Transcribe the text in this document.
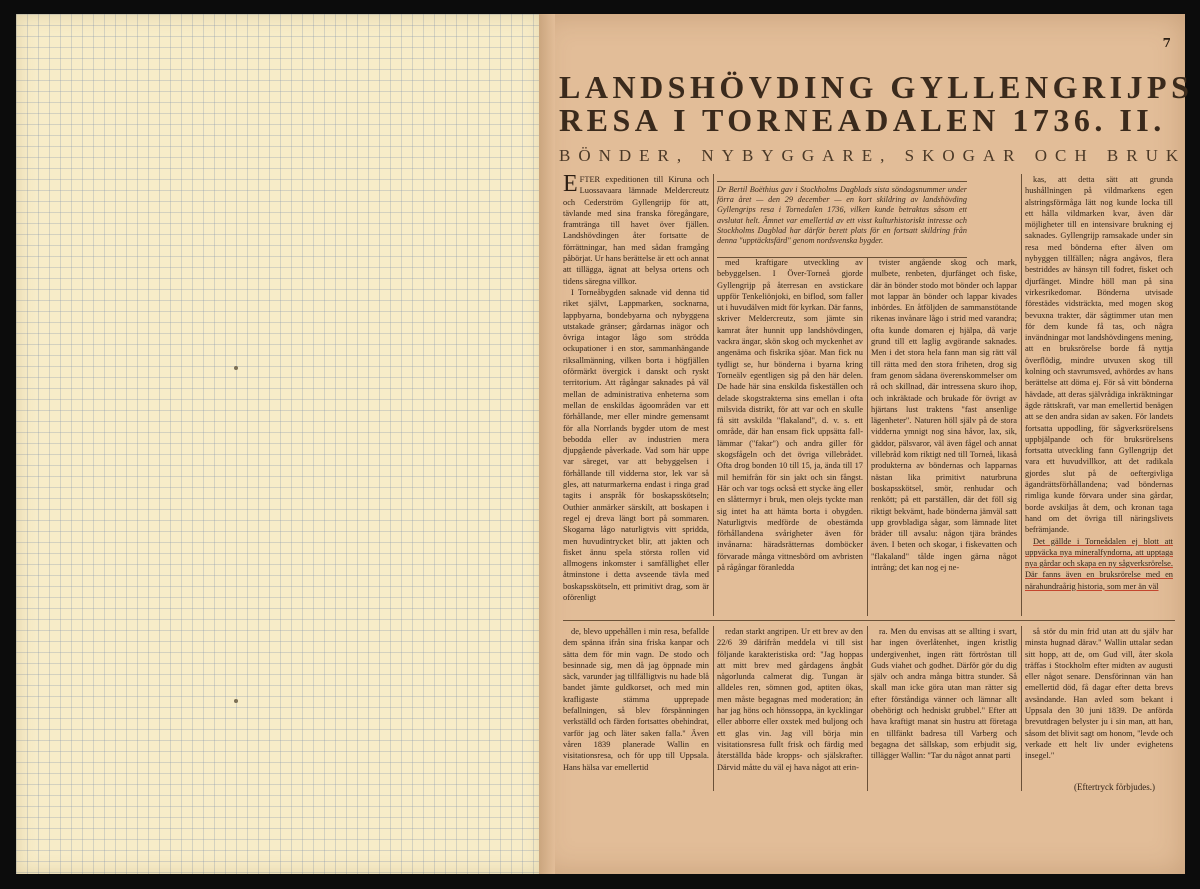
7
LANDSHÖVDING GYLLENGRIJPS
RESA I TORNEADALEN 1736. II.
BÖNDER, NYBYGGARE, SKOGAR OCH BRUK
Dr Bertil Boëthius gav i Stockholms Dagblads sista söndagsnummer under förra året — den 29 december — en kort skildring av landshövding Gyllengrips resa i Tornedalen 1736, vilken kunde betraktas såsom ett avslutat helt. Ämnet var emellertid av ett visst kulturhistoriskt intresse och Stockholms Dagblad har därför berett plats för en fortsatt skildring från denna "upptäcktsfärd" genom nordsvenska bygder.

EFTER expeditionen till Kiruna och Luossavaara lämnade Meldercreutz och Cederström Gyllengrijp för att, tävlande med sina franska föregångare, framtränga till havet över fjällen. Landshövdingen åter fortsatte de förrättningar, han med sådan framgång påbörjat. Ur hans berättelse är ett och annat att tillägga, ägnat att belysa ortens och tidens säregna villkor.

I Torneåbygden saknade vid denna tid riket självt, Lappmarken, socknarna, lappbyarna, bondebyarna och nybyggena utstakade gränser; gårdarnas inägor och övriga intagor lågo som strödda ockupationer i en stor, sammanhängande riksallmänning, vilken borta i högfjällen oförmärkt övergick i danskt och ryskt territorium. Att rågångar saknades på väl mellan de administrativa enheterna som mellan de enskildas ägoområden var ett förhållande, mer eller mindre gemensamt för alla Norrlands bygder utom de mest bebodda eller av industrien mera djupgående påverkade. Vad som här uppe var säreget, var att bebyggelsen i förhållande till vidderna stor, lek var så gles, att naturmarkerna endast i ringa grad tagits i anspråk för boskapsskötseln; Outhier anmärker särskilt, att boskapen i regel ej dreva längt bort på sommaren. Skogarna lågo naturligtvis vitt spridda, men huvudintrycket blir, att jakten och fisket ännu spela största rollen vid allmogens inkomster i samfällighet eller åtminstone i detta avseende tävla med boskapsskötseln, ett primitivt drag, som är oförenligt

med kraftigare utveckling av bebyggelsen. I Över-Torneå gjorde Gyllengrijp på återresan en avstickare uppför Tenkeliönjoki, en biflod, som faller ut i huvudälven midt för kyrkan. Där fanns, skriver Meldercreutz, som jämte sin kamrat åter hunnit upp landshövdingen, vackra ängar, skön skog och myckenhet av angenäma och fiskrika sjöar. Man fick nu tydligt se, hur bönderna i byarna kring Torneälv egentligen sig på den här delen. De hade här sina enskilda fiskeställen och delade skogstrakterna sins emellan i ofta milsvida distrikt, för att var och en skulle få sitt avskilda "flakaland", d. v. s. ett område, där han ensam fick uppsätta fall-lämmar ("fakar") och andra giller för skogsfågeln och det övriga villebrådet. Ofta drog bonden 10 till 15, ja, ända till 17 mil hemifrån för sin jakt och sin fångst. Här och var togs också ett stycke äng eller en slåttermyr i bruk, men olejs tyckte man sig intet ha att hämta borta i obygden. Naturligtvis medförde de obestämda förhållandena svårigheter även för invånarna: häradsrätternas domböcker förvarade många vittnesbörd om avbristen på rågångar föranledda

tvister angående skog och mark, mulbete, renbeten, djurfänget och fiske, där än bönder stodo mot bönder och lappar mot lappar än bönder och lappar kivades inbördes. En åtföljden de sammanstötande rikenas invånare lågo i strid med varandra; ofta kunde domaren ej hjälpa, då varje grund till ett laglig avgörande saknades. Men i det stora hela fann man sig rätt väl till rätta med den stora friheten, drog sig fram genom sådana överenskommelser om rå och skillnad, där intressena skuro ihop, och inkräktade och brukade för övrigt av hjärtans lust traktens "fast ansenlige lägenheter". Naturen höll själv på de stora vidderna ymnigt nog sina håvor, lax, sik, gäddor, pälsvaror, väl även fågel och annat villebråd kom riktigt ned till Torneå, likaså produkterna av böndernas och lapparnas nästan lika primitivt naturbruna boskapsskötsel, smör, renhudar och renkött; på ett parställen, där det föll sig riktigt bekvämt, hade bönderna jämväl satt upp grovbladiga sågar, som lämnade litet bräder till avsalu: någon tjära brändes även. I beten och skogar, i fiskevatten och "flakaland" tålde ingen gärna något intrång; det kan nog ej ne-

kas, att detta sätt att grunda hushållningen på vildmarkens egen alstringsförmåga lätt nog kunde locka till ett hålla vildmarken kvar, även där möjligheter till en intensivare brukning ej saknades. Gyllengrijp ramsakade under sin resa med bönderna efter älven om nybyggen tillfällen; några angåvos, flera bestriddes av hänsyn till fodret, fisket och djurfänget. Mindre höll man på sina virkesrikedomar. Bönderna utvisade förestädes vidsträckta, med mogen skog bevuxna trakter, där sågtimmer utan men för dem kunde få tas, och några invändningar mot landshövdingens mening, att en bruksrörelse borde få nyttja överflödig, mindre utvuxen skog till kolning och stavrumsved, avhördes av hans berättelse att döma ej. För så vitt bönderna hävdade, att deras självrådiga inkräktningar ägde rättskraft, var man emellertid benägen att se den andra sidan av saken. För landets fortsatta uppodling, för sågverksrörelsens uppbjälpande och för bruksrörelsens fortsatta utveckling fann Gyllengrijp det vara ett huvudvillkor, att det radikala gjordes slut på de oeftergivliga ägandrättsförhållandena; vad böndernas rimliga kunde förvara under sina gårdar, borde avskiljas åt dem, och kronan taga hand om det övriga till näringslivets befrämjande.

Det gällde i Torneådalen ej blott att uppväcka nya mineralfyndorna, att upptaga nya gårdar och skapa en ny sågverksrörelse. Där fanns även en bruksrörelse med en närahundraårig historia, som mer än väl

de, blevo uppehållen i min resa, befallde dem spänna ifrån sina friska kanpar och sätta dem för min vagn. De stodo och besinnade sig, men då jag öppnade min säck, varunder jag tillfälligtvis nu hade blå bandet jämte guldkorset, och med min krafligaste stämma upprepade befallningen, så blev förspänningen verkställd och färden fortsattes obehindrat, varför jag och läter saken falla." Även våren 1839 planerade Wallin en visitationsresa, och för upp till Uppsala. Hans hälsa var emellertid

redan starkt angripen. Ur ett brev av den 22/6 39 därifrån meddela vi till sist följande karakteristiska ord: "Jag hoppas att mitt brev med gårdagens ångbåt någorlunda calmerat dig. Tungan är alldeles ren, sömnen god, aptiten ökas, men måste begagnas med moderation; än har jag höns och hönssoppa, än kycklingar eller abborre eller oxstek med buljong och ett glas vin. Jag vill börja min visitationsresa fullt frisk och färdig med återställda både kropps- och själskrafter. Därvid måtte du väl ej hava något att erin-

ra. Men du envisas att se allting i svart, har ingen överlåtenhet, ingen kristlig undergivenhet, ingen rätt förtröstan till Guds viahet och godhet. Därför gör du dig själv och andra många bittra stunder. Så skall man icke göra utan man rätter sig efter förståndiga vänner och lämnar allt obehörigt och hedniskt grubbel." Efter att hava kraftigt manat sin hustru att företaga en tillfänkt badresa till Varberg och begagna det sällskap, som erbjudit sig, tillägger Wallin: "Tar du något annat parti

så stör du min frid utan att du själv har minsta hugnad därav." Wallin uttalar sedan sitt hopp, att de, om Gud vill, åter skola träffas i Stockholm efter midten av augusti eller något senare. Densförinnan vän han emellertid död, få dagar efter detta brevs avsändande. Han avled som bekant i Uppsala den 30 juni 1839. De anförda brevutdragen belyster ju i sin man, att han, såsom det blivit sagt om honom, "levde och verkade ett helt liv under evighetens insegel."

(Eftertryck förbjudes.)
